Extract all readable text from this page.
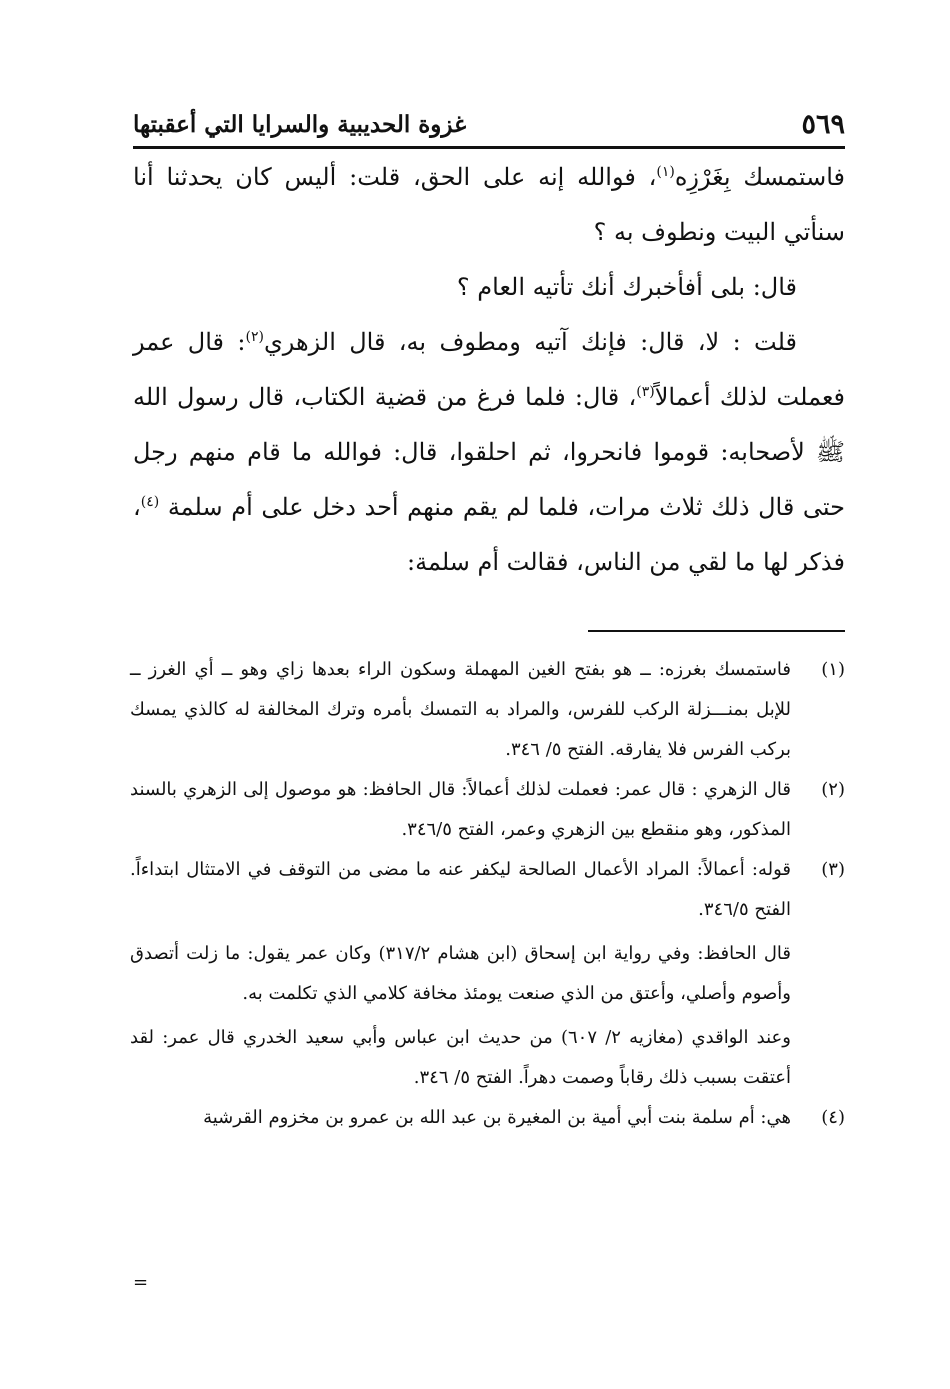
غزوة الحديبية والسرايا التي أعقبتها	٥٦٩

فاستمسك بِغَرْزِه$^{(١)}$، فوالله إنه على الحق، قلت: أليس كان يحدثنا أنا سنأتي البيت ونطوف به ؟

قال: بلى أفأخبرك أنك تأتيه العام ؟

قلت : لا، قال: فإنك آتيه ومطوف به، قال الزهري$^{(٢)}$: قال عمر فعملت لذلك أعمالاً$^{(٣)}$، قال: فلما فرغ من قضية الكتاب، قال رسول الله ﷺ لأصحابه: قوموا فانحروا، ثم احلقوا، قال: فوالله ما قام منهم رجل حتى قال ذلك ثلاث مرات، فلما لم يقم منهم أحد دخل على أم سلمة $^{(٤)}$، فذكر لها ما لقي من الناس، فقالت أم سلمة:

(١)

فاستمسك بغرزه: ــ هو بفتح الغين المهملة وسكون الراء بعدها زاي وهو ــ أي الغرز ــ للإبل بمنـــزلة الركب للفرس، والمراد به التمسك بأمره وترك المخالفة له كالذي يمسك بركب الفرس فلا يفارقه. الفتح ٥/ ٣٤٦.

(٢)

قال الزهري : قال عمر: فعملت لذلك أعمالاً: قال الحافظ: هو موصول إلى الزهري بالسند المذكور، وهو منقطع بين الزهري وعمر، الفتح ٣٤٦/٥.

(٣)

قوله: أعمالاً: المراد الأعمال الصالحة ليكفر عنه ما مضى من التوقف في الامتثال ابتداءاً. الفتح ٣٤٦/٥.

قال الحافظ: وفي رواية ابن إسحاق (ابن هشام ٣١٧/٢) وكان عمر يقول: ما زلت أتصدق وأصوم وأصلي، وأعتق من الذي صنعت يومئذ مخافة كلامي الذي تكلمت به.

وعند الواقدي (مغازيه ٢/ ٦٠٧) من حديث ابن عباس وأبي سعيد الخدري قال عمر: لقد أعتقت بسبب ذلك رقاباً وصمت دهراً. الفتح ٥/ ٣٤٦.

(٤)

هي: أم سلمة بنت أبي أمية بن المغيرة بن عبد الله بن عمرو بن مخزوم القرشية

=
